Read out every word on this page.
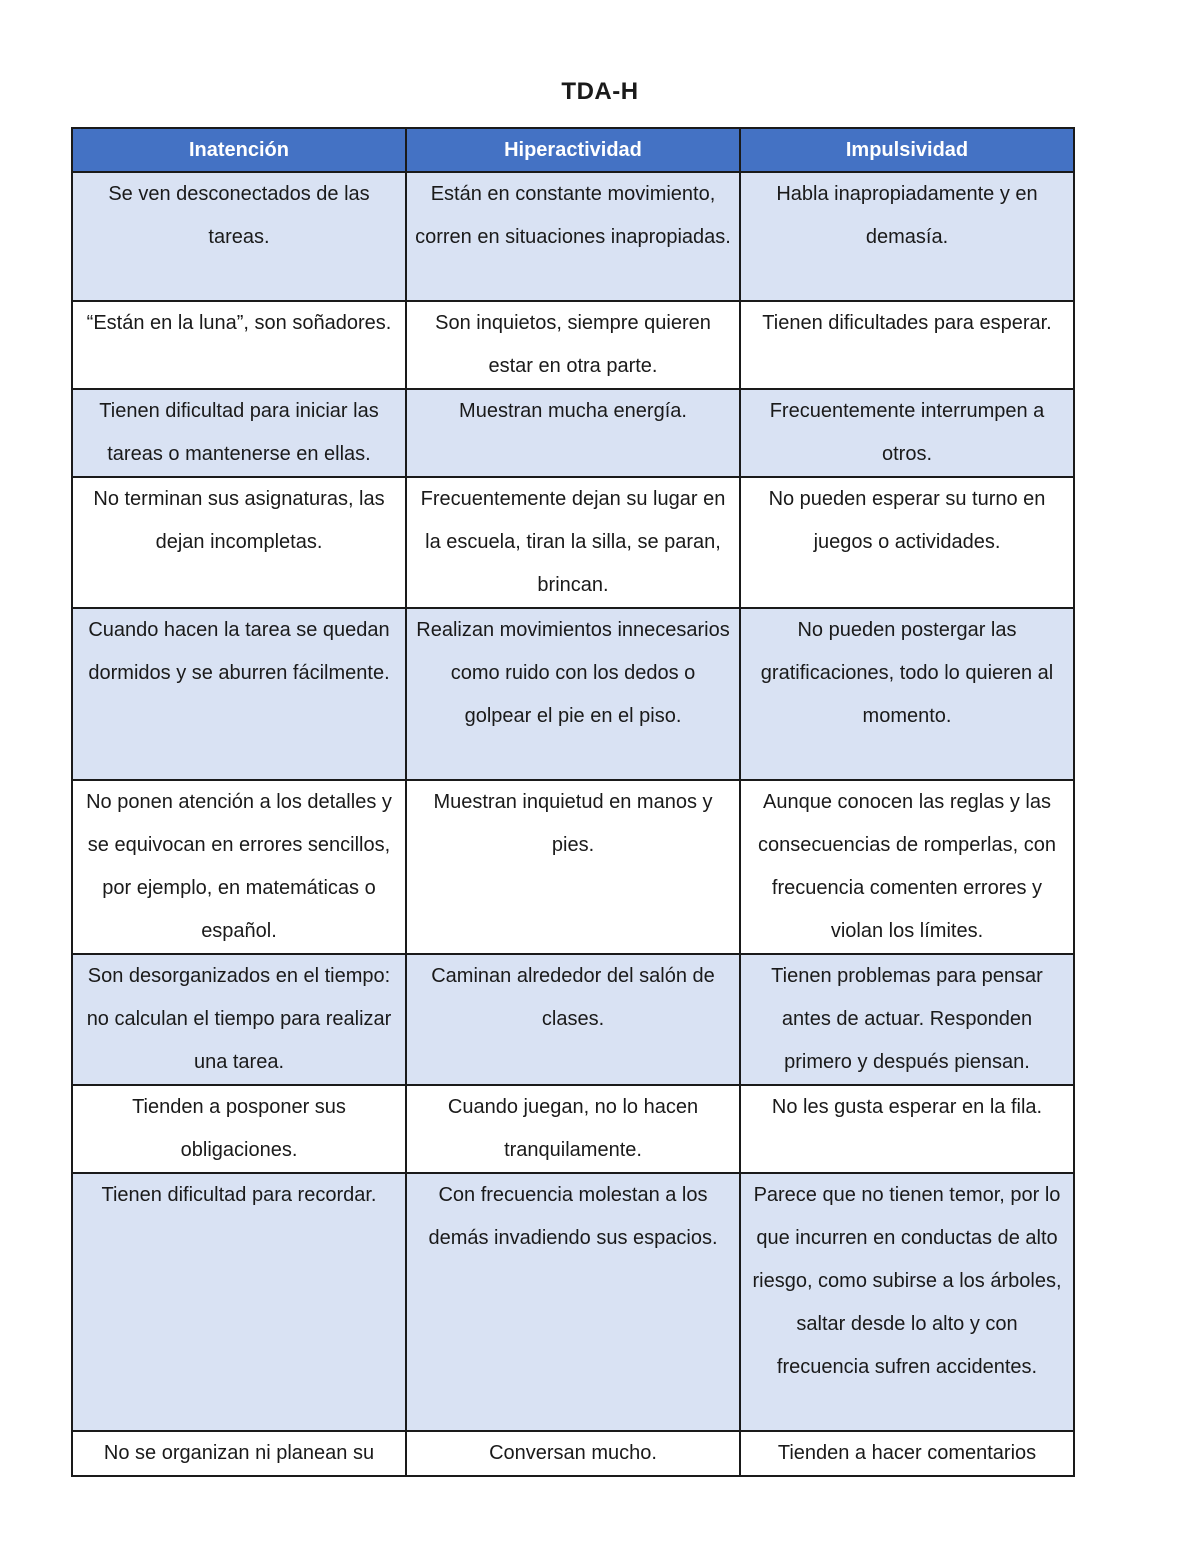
TDA-H
Inatención	Hiperactividad	Impulsividad
Se ven desconectados de las tareas.	Están en constante movimiento, corren en situaciones inapropiadas.	Habla inapropiadamente y en demasía.
“Están en la luna”, son soñadores.	Son inquietos, siempre quieren estar en otra parte.	Tienen dificultades para esperar.
Tienen dificultad para iniciar las tareas o mantenerse en ellas.	Muestran mucha energía.	Frecuentemente interrumpen a otros.
No terminan sus asignaturas, las dejan incompletas.	Frecuentemente dejan su lugar en la escuela, tiran la silla, se paran, brincan.	No pueden esperar su turno en juegos o actividades.
Cuando hacen la tarea se quedan dormidos y se aburren fácilmente.	Realizan movimientos innecesarios como ruido con los dedos o golpear el pie en el piso.	No pueden postergar las gratificaciones, todo lo quieren al momento.
No ponen atención a los detalles y se equivocan en errores sencillos, por ejemplo, en matemáticas o español.	Muestran inquietud en manos y pies.	Aunque conocen las reglas y las consecuencias de romperlas, con frecuencia comenten errores y violan los límites.
Son desorganizados en el tiempo: no calculan el tiempo para realizar una tarea.	Caminan alrededor del salón de clases.	Tienen problemas para pensar antes de actuar. Responden primero y después piensan.
Tienden a posponer sus obligaciones.	Cuando juegan, no lo hacen tranquilamente.	No les gusta esperar en la fila.
Tienen dificultad para recordar.	Con frecuencia molestan a los demás invadiendo sus espacios.	Parece que no tienen temor, por lo que incurren en conductas de alto riesgo, como subirse a los árboles, saltar desde lo alto y con frecuencia sufren accidentes.
No se organizan ni planean su	Conversan mucho.	Tienden a hacer comentarios
